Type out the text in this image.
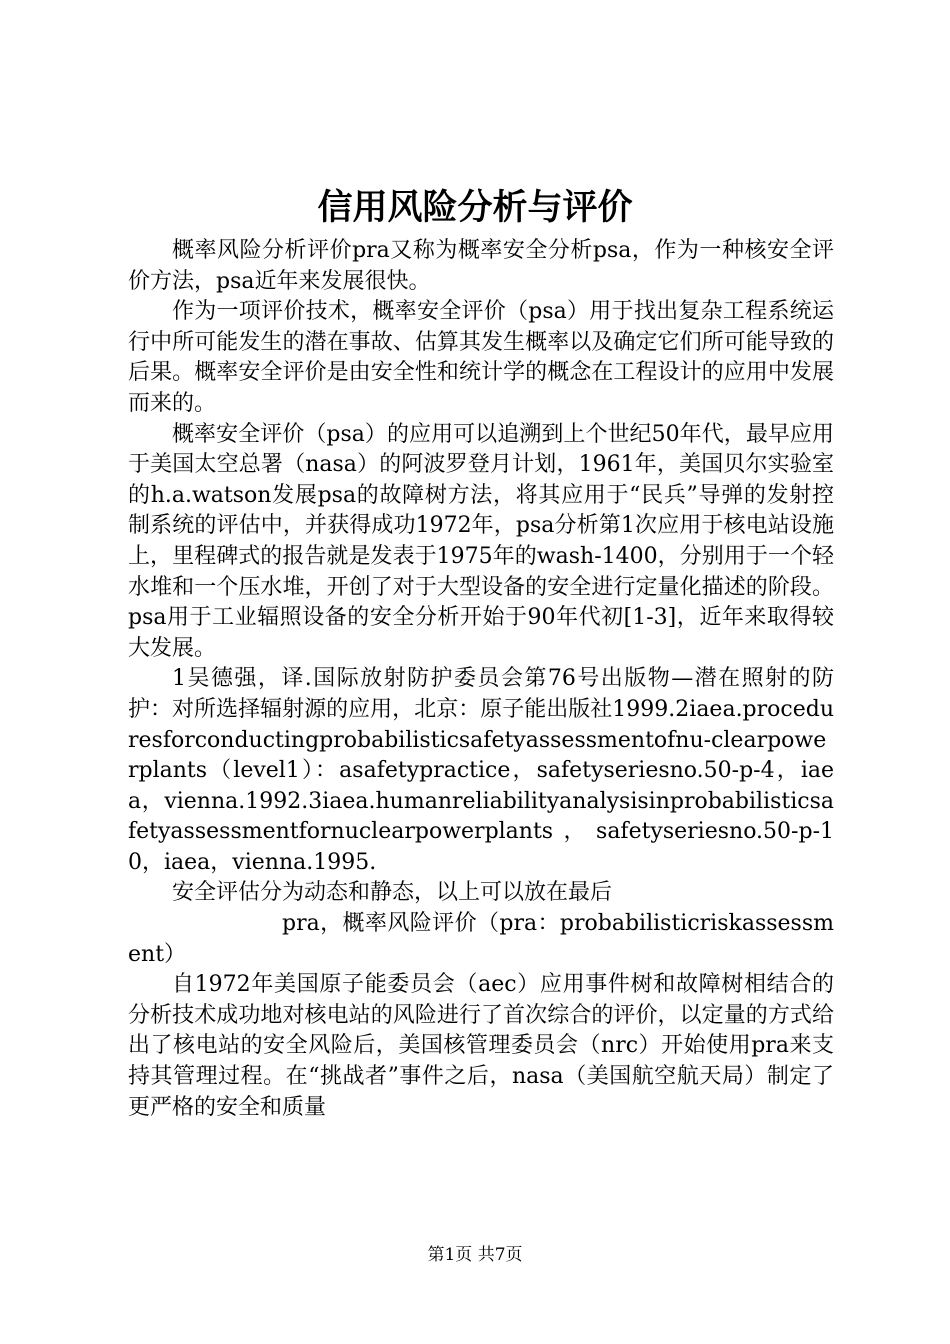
信用风险分析与评价

概率风险分析评价pra又称为概率安全分析psa，作为一种核安全评价方法，psa近年来发展很快。

作为一项评价技术，概率安全评价（psa）用于找出复杂工程系统运行中所可能发生的潜在事故、估算其发生概率以及确定它们所可能导致的后果。概率安全评价是由安全性和统计学的概念在工程设计的应用中发展而来的。

概率安全评价（psa）的应用可以追溯到上个世纪50年代，最早应用于美国太空总署（nasa）的阿波罗登月计划，1961年，美国贝尔实验室的h.a.watson发展psa的故障树方法，将其应用于“民兵”导弹的发射控制系统的评估中，并获得成功1972年，psa分析第1次应用于核电站设施上，里程碑式的报告就是发表于1975年的wash-1400，分别用于一个轻水堆和一个压水堆，开创了对于大型设备的安全进行定量化描述的阶段。psa用于工业辐照设备的安全分析开始于90年代初[1-3]，近年来取得较大发展。

1吴德强，译.国际放射防护委员会第76号出版物—潜在照射的防护：对所选择辐射源的应用，北京：原子能出版社1999.2iaea.proceduresforconductingprobabilisticsafetyassessmentofnu-clearpowerplants（level1）：asafetypractice，safetyseriesno.50-p-4，iaea，vienna.1992.3iaea.humanreliabilityanalysisinprobabilisticsafetyassessmentfornuclearpowerplants，safetyseriesno.50-p-10，iaea，vienna.1995.

安全评估分为动态和静态，以上可以放在最后

pra，概率风险评价（pra：probabilisticriskassessment）

自1972年美国原子能委员会（aec）应用事件树和故障树相结合的分析技术成功地对核电站的风险进行了首次综合的评价，以定量的方式给出了核电站的安全风险后，美国核管理委员会（nrc）开始使用pra来支持其管理过程。在“挑战者”事件之后，nasa（美国航空航天局）制定了更严格的安全和质量

第1页 共7页
